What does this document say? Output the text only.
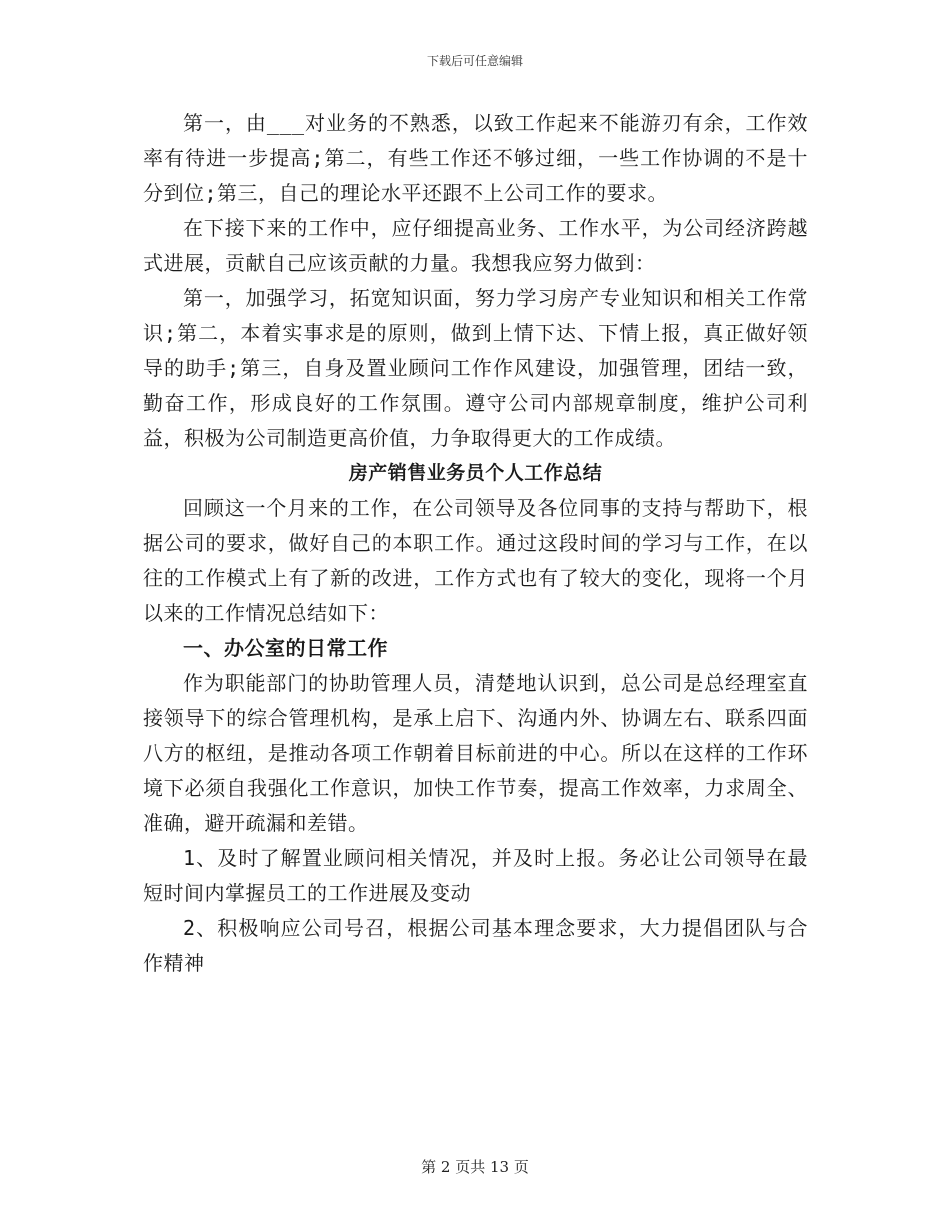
下载后可任意编辑

第一，由___对业务的不熟悉，以致工作起来不能游刃有余，工作效率有待进一步提高;第二，有些工作还不够过细，一些工作协调的不是十分到位;第三，自己的理论水平还跟不上公司工作的要求。

在下接下来的工作中，应仔细提高业务、工作水平，为公司经济跨越式进展，贡献自己应该贡献的力量。我想我应努力做到：

第一，加强学习，拓宽知识面，努力学习房产专业知识和相关工作常识;第二，本着实事求是的原则，做到上情下达、下情上报，真正做好领导的助手;第三，自身及置业顾问工作作风建设，加强管理，团结一致，勤奋工作，形成良好的工作氛围。遵守公司内部规章制度，维护公司利益，积极为公司制造更高价值，力争取得更大的工作成绩。

房产销售业务员个人工作总结

回顾这一个月来的工作，在公司领导及各位同事的支持与帮助下，根据公司的要求，做好自己的本职工作。通过这段时间的学习与工作，在以往的工作模式上有了新的改进，工作方式也有了较大的变化，现将一个月以来的工作情况总结如下：

一、办公室的日常工作

作为职能部门的协助管理人员，清楚地认识到，总公司是总经理室直接领导下的综合管理机构，是承上启下、沟通内外、协调左右、联系四面八方的枢纽，是推动各项工作朝着目标前进的中心。所以在这样的工作环境下必须自我强化工作意识，加快工作节奏，提高工作效率，力求周全、准确，避开疏漏和差错。

1、及时了解置业顾问相关情况，并及时上报。务必让公司领导在最短时间内掌握员工的工作进展及变动

2、积极响应公司号召，根据公司基本理念要求，大力提倡团队与合作精神

第 2 页共 13 页
